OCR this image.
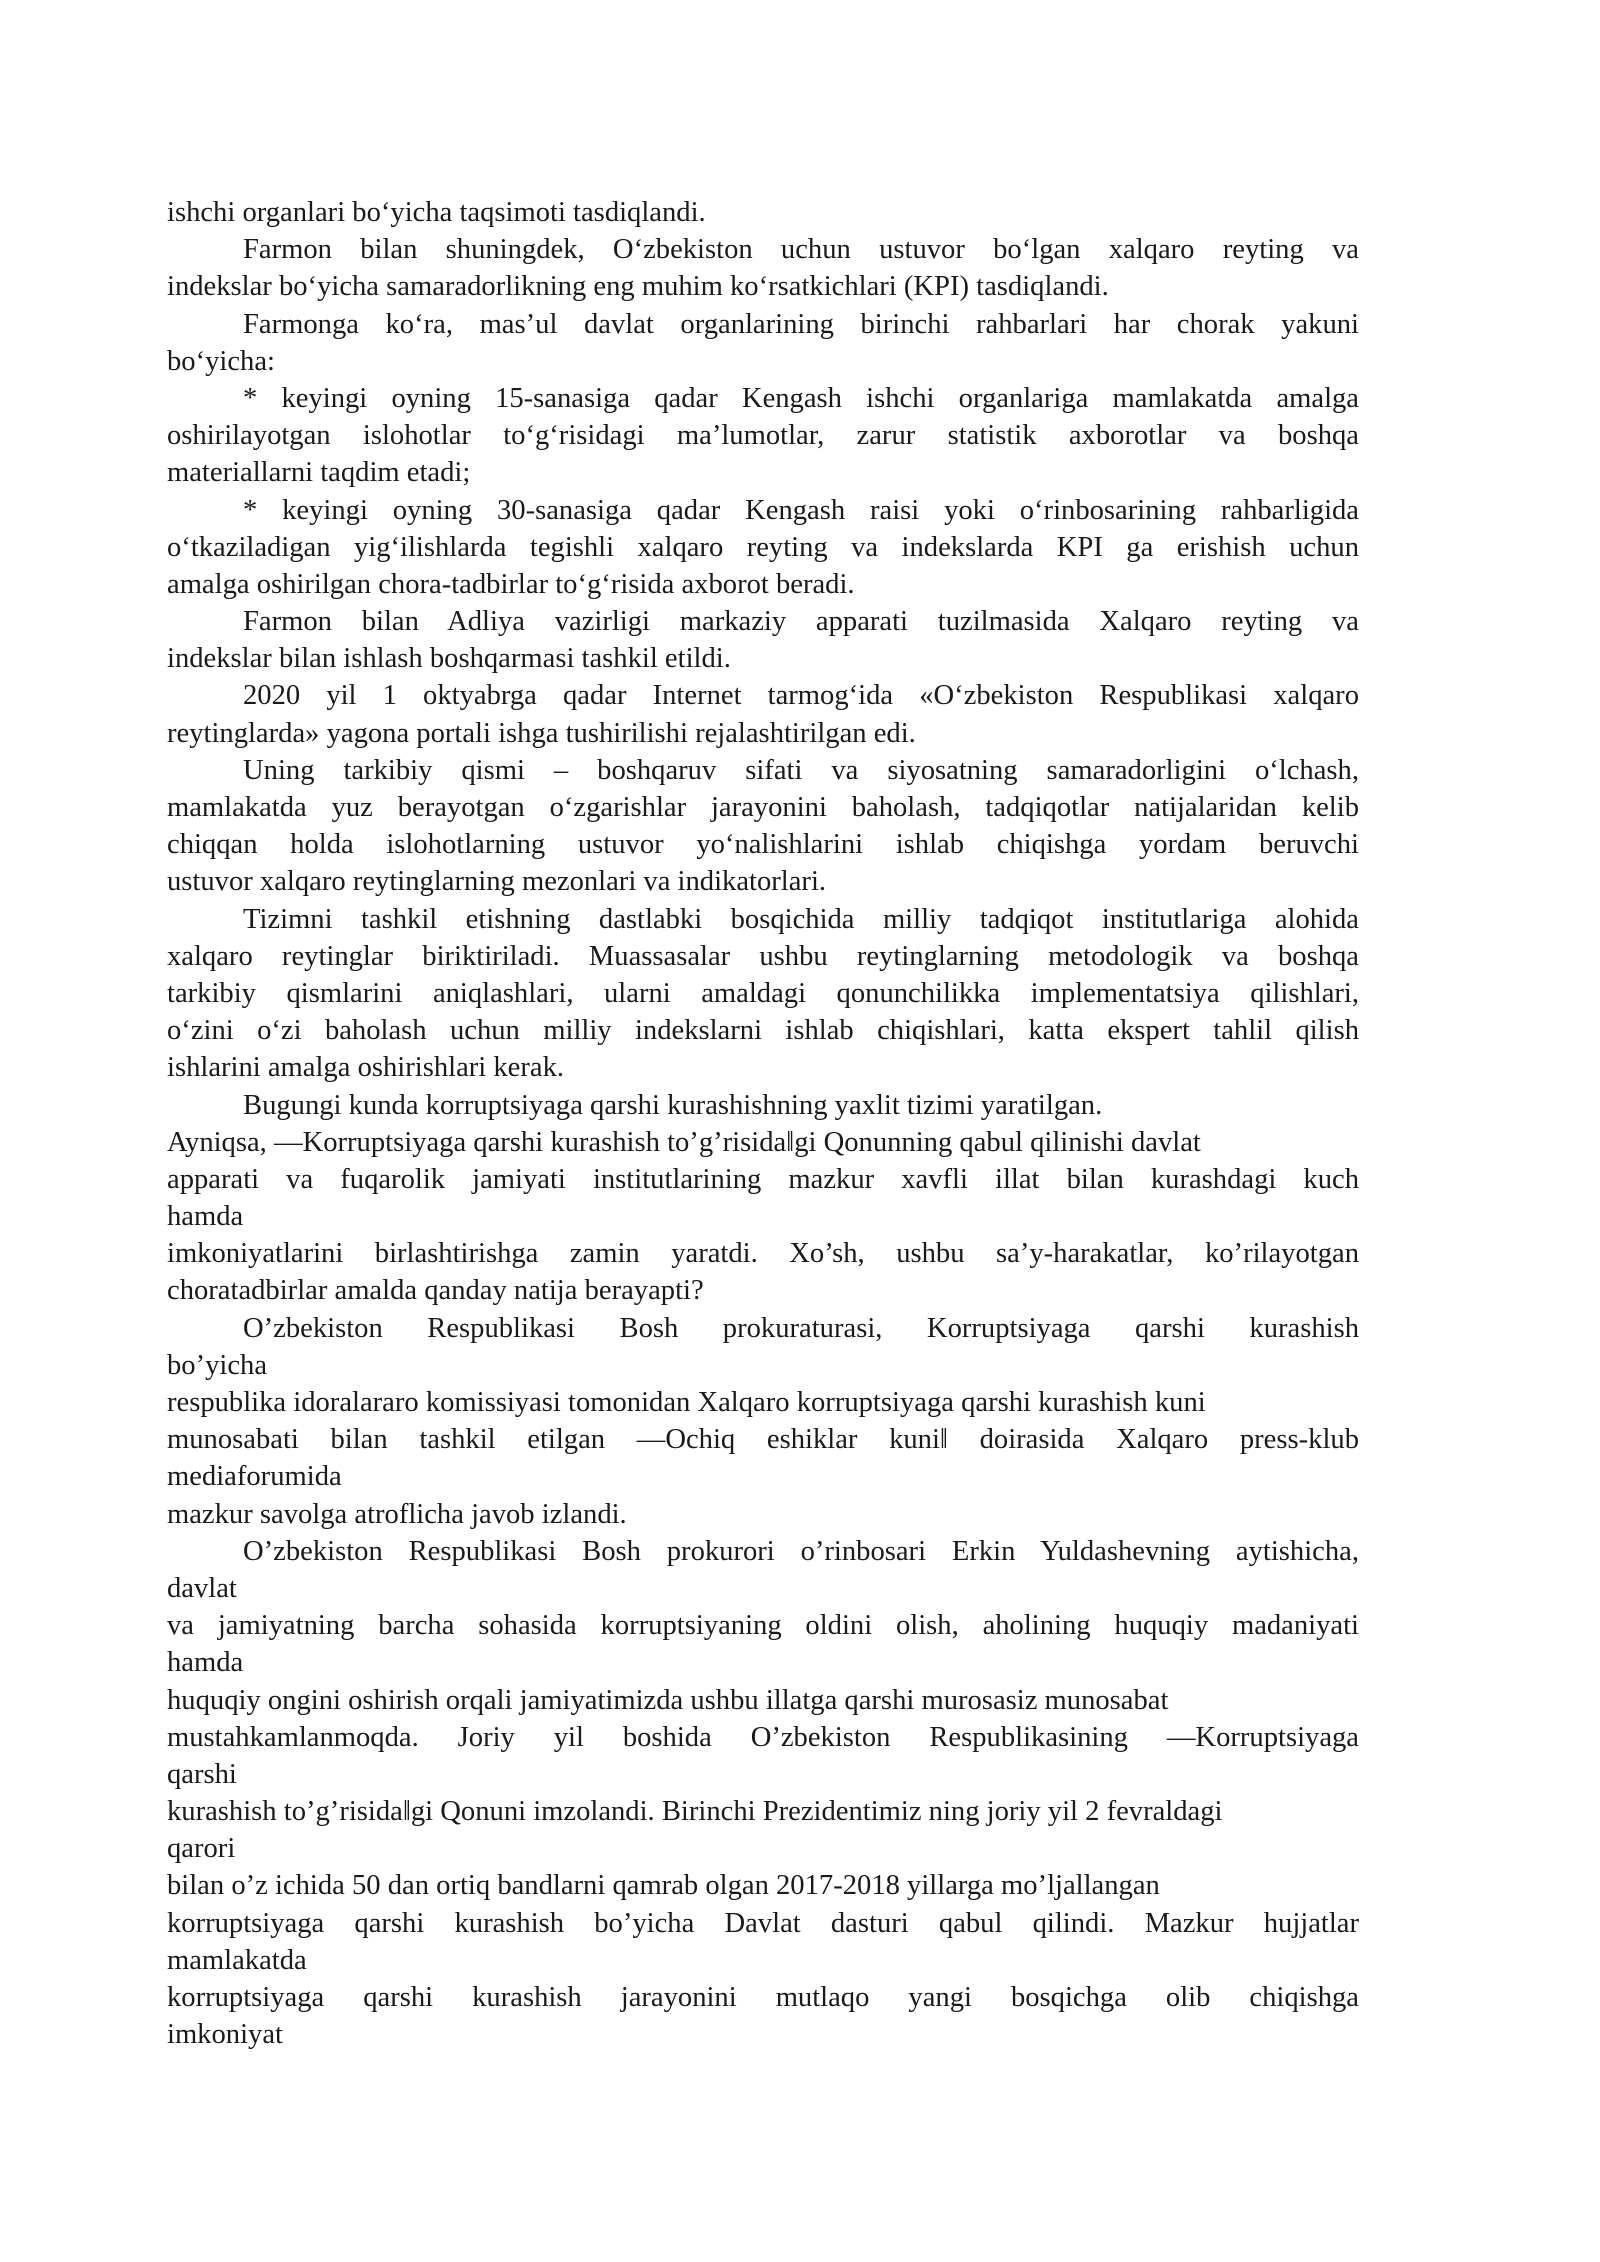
ishchi organlari bo‘yicha taqsimoti tasdiqlandi.
Farmon bilan shuningdek, O‘zbekiston uchun ustuvor bo‘lgan xalqaro reyting va
indekslar bo‘yicha samaradorlikning eng muhim ko‘rsatkichlari (KPI) tasdiqlandi.
Farmonga ko‘ra, mas’ul davlat organlarining birinchi rahbarlari har chorak yakuni
bo‘yicha:
* keyingi oyning 15-sanasiga qadar Kengash ishchi organlariga mamlakatda amalga
oshirilayotgan islohotlar to‘g‘risidagi ma’lumotlar, zarur statistik axborotlar va boshqa
materiallarni taqdim etadi;
* keyingi oyning 30-sanasiga qadar Kengash raisi yoki o‘rinbosarining rahbarligida
o‘tkaziladigan yig‘ilishlarda tegishli xalqaro reyting va indekslarda KPI ga erishish uchun
amalga oshirilgan chora-tadbirlar to‘g‘risida axborot beradi.
Farmon bilan Adliya vazirligi markaziy apparati tuzilmasida Xalqaro reyting va
indekslar bilan ishlash boshqarmasi tashkil etildi.
2020 yil 1 oktyabrga qadar Internet tarmog‘ida «O‘zbekiston Respublikasi xalqaro
reytinglarda» yagona portali ishga tushirilishi rejalashtirilgan edi.
Uning tarkibiy qismi – boshqaruv sifati va siyosatning samaradorligini o‘lchash,
mamlakatda yuz berayotgan o‘zgarishlar jarayonini baholash, tadqiqotlar natijalaridan kelib
chiqqan holda islohotlarning ustuvor yo‘nalishlarini ishlab chiqishga yordam beruvchi
ustuvor xalqaro reytinglarning mezonlari va indikatorlari.
Tizimni tashkil etishning dastlabki bosqichida milliy tadqiqot institutlariga alohida
xalqaro reytinglar biriktiriladi. Muassasalar ushbu reytinglarning metodologik va boshqa
tarkibiy qismlarini aniqlashlari, ularni amaldagi qonunchilikka implementatsiya qilishlari,
o‘zini o‘zi baholash uchun milliy indekslarni ishlab chiqishlari, katta ekspert tahlil qilish
ishlarini amalga oshirishlari kerak.
Bugungi kunda korruptsiyaga qarshi kurashishning yaxlit tizimi yaratilgan.
Ayniqsa, ―Korruptsiyaga qarshi kurashish to’g’risida‖gi Qonunning qabul qilinishi davlat
apparati va fuqarolik jamiyati institutlarining mazkur xavfli illat bilan kurashdagi kuch
hamda
imkoniyatlarini birlashtirishga zamin yaratdi. Xo’sh, ushbu sa’y-harakatlar, ko’rilayotgan
choratadbirlar amalda qanday natija berayapti?
O’zbekiston Respublikasi Bosh prokuraturasi, Korruptsiyaga qarshi kurashish
bo’yicha
respublika idoralararo komissiyasi tomonidan Xalqaro korruptsiyaga qarshi kurashish kuni
munosabati bilan tashkil etilgan ―Ochiq eshiklar kuni‖ doirasida Xalqaro press-klub
mediaforumida
mazkur savolga atroflicha javob izlandi.
O’zbekiston Respublikasi Bosh prokurori o’rinbosari Erkin Yuldashevning aytishicha,
davlat
va jamiyatning barcha sohasida korruptsiyaning oldini olish, aholining huquqiy madaniyati
hamda
huquqiy ongini oshirish orqali jamiyatimizda ushbu illatga qarshi murosasiz munosabat
mustahkamlanmoqda. Joriy yil boshida O’zbekiston Respublikasining ―Korruptsiyaga
qarshi
kurashish to’g’risida‖gi Qonuni imzolandi. Birinchi Prezidentimiz ning joriy yil 2 fevraldagi
qarori
bilan o’z ichida 50 dan ortiq bandlarni qamrab olgan 2017-2018 yillarga mo’ljallangan
korruptsiyaga qarshi kurashish bo’yicha Davlat dasturi qabul qilindi. Mazkur hujjatlar
mamlakatda
korruptsiyaga qarshi kurashish jarayonini mutlaqo yangi bosqichga olib chiqishga
imkoniyat
